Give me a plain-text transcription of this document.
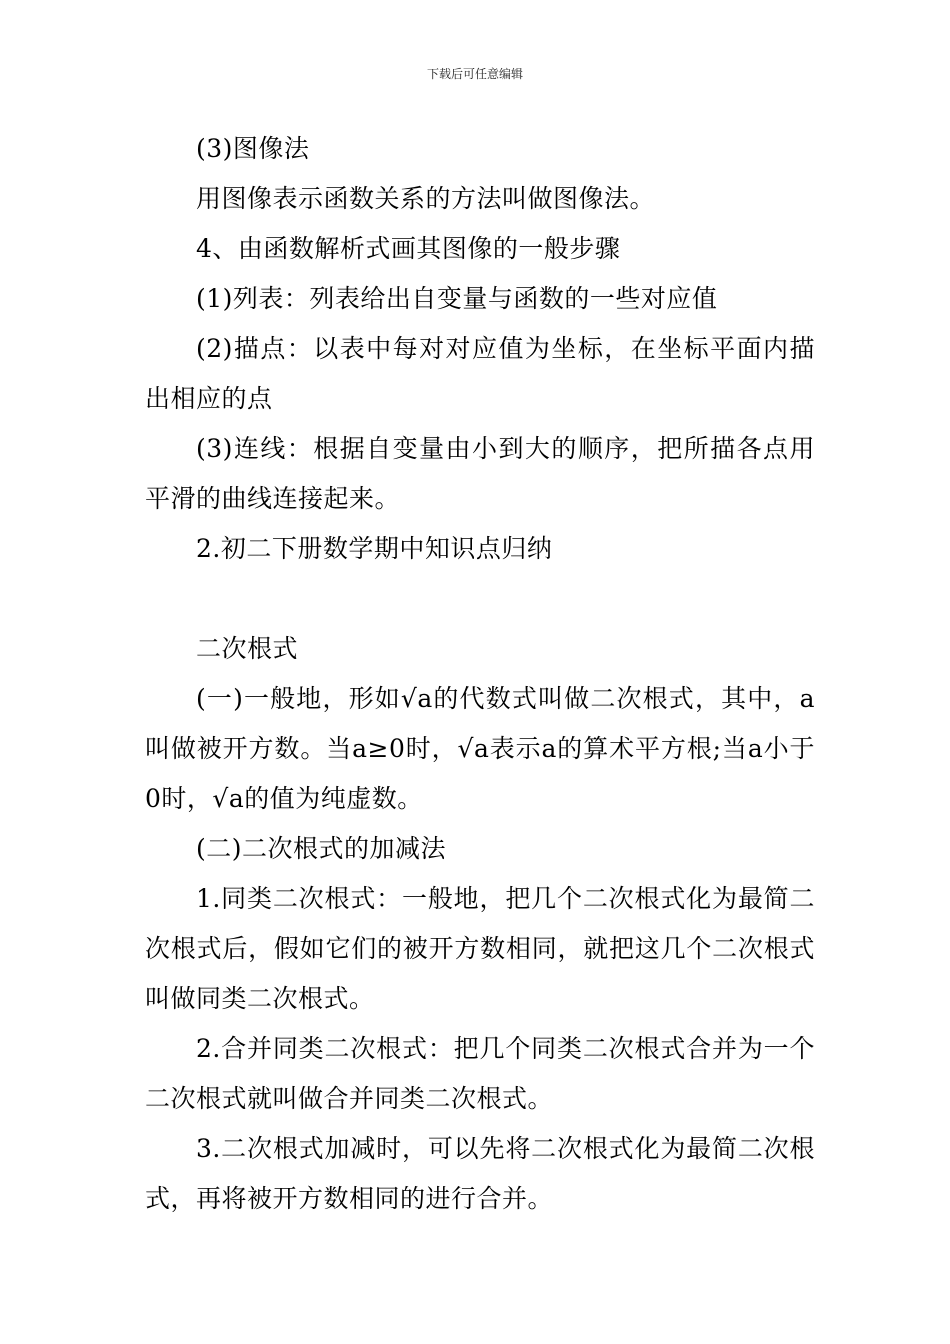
下载后可任意编辑

(3)图像法

用图像表示函数关系的方法叫做图像法。

4、由函数解析式画其图像的一般步骤

(1)列表：列表给出自变量与函数的一些对应值

(2)描点：以表中每对对应值为坐标，在坐标平面内描出相应的点

(3)连线：根据自变量由小到大的顺序，把所描各点用平滑的曲线连接起来。

2.初二下册数学期中知识点归纳

二次根式

(一)一般地，形如√a的代数式叫做二次根式，其中，a叫做被开方数。当a≥0时，√a表示a的算术平方根;当a小于0时，√a的值为纯虚数。

(二)二次根式的加减法

1.同类二次根式：一般地，把几个二次根式化为最简二次根式后，假如它们的被开方数相同，就把这几个二次根式叫做同类二次根式。

2.合并同类二次根式：把几个同类二次根式合并为一个二次根式就叫做合并同类二次根式。

3.二次根式加减时，可以先将二次根式化为最简二次根式，再将被开方数相同的进行合并。
